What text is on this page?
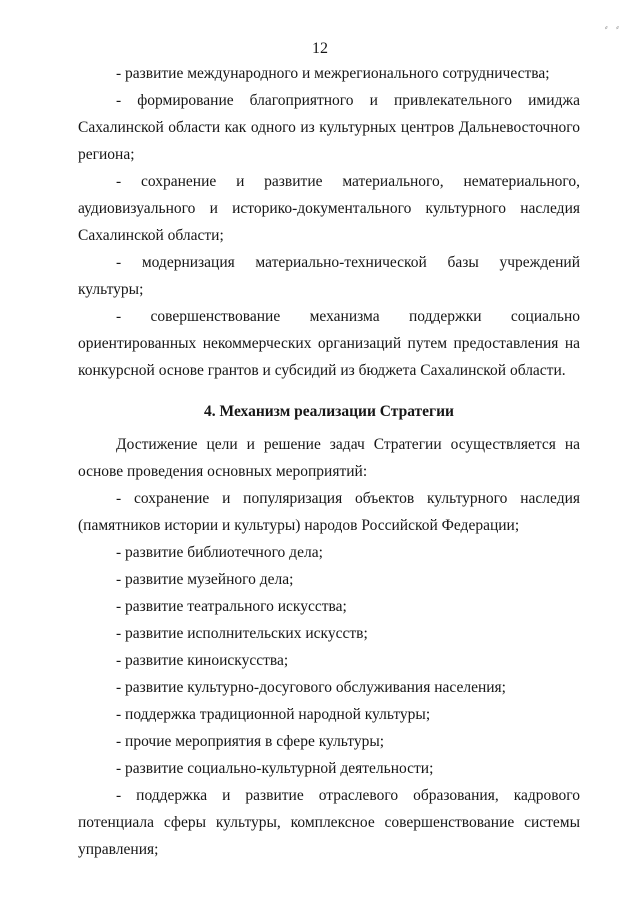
12
⸗ ⸗

- развитие международного и межрегионального сотрудничества;

- формирование благоприятного и привлекательного имиджа Сахалинской области как одного из культурных центров Дальневосточного региона;

- сохранение и развитие материального, нематериального, аудиовизуального и историко-документального культурного наследия Сахалинской области;

- модернизация материально-технической базы учреждений культуры;

- совершенствование механизма поддержки социально ориентированных некоммерческих организаций путем предоставления на конкурсной основе грантов и субсидий из бюджета Сахалинской области.

4. Механизм реализации Стратегии

Достижение цели и решение задач Стратегии осуществляется на основе проведения основных мероприятий:

- сохранение и популяризация объектов культурного наследия (памятников истории и культуры) народов Российской Федерации;

- развитие библиотечного дела;

- развитие музейного дела;

- развитие театрального искусства;

- развитие исполнительских искусств;

- развитие киноискусства;

- развитие культурно-досугового обслуживания населения;

- поддержка традиционной народной культуры;

- прочие мероприятия в сфере культуры;

- развитие социально-культурной деятельности;

- поддержка и развитие отраслевого образования, кадрового потенциала сферы культуры, комплексное совершенствование системы управления;
